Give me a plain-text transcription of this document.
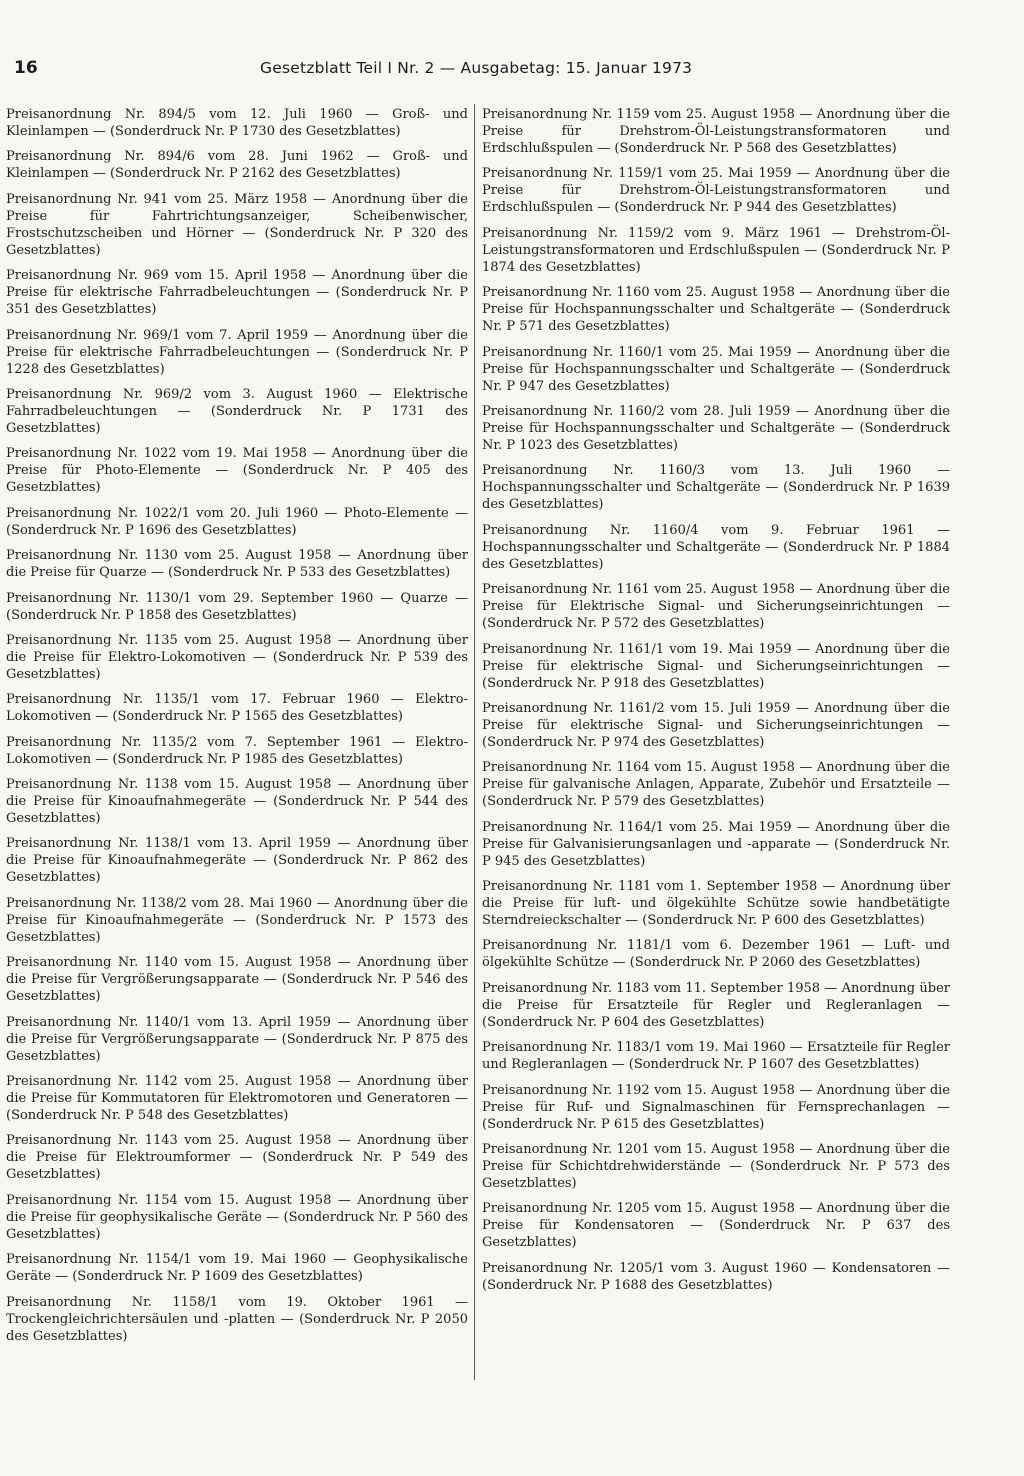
16	Gesetzblatt Teil I Nr. 2 — Ausgabetag: 15. Januar 1973

Preisanordnung Nr. 894/5 vom 12. Juli 1960 — Groß- und Kleinlampen — (Sonderdruck Nr. P 1730 des Gesetzblattes)

Preisanordnung Nr. 894/6 vom 28. Juni 1962 — Groß- und Kleinlampen — (Sonderdruck Nr. P 2162 des Gesetzblattes)

Preisanordnung Nr. 941 vom 25. März 1958 — Anordnung über die Preise für Fahrtrichtungsanzeiger, Scheibenwischer, Frostschutzscheiben und Hörner — (Sonderdruck Nr. P 320 des Gesetzblattes)

Preisanordnung Nr. 969 vom 15. April 1958 — Anordnung über die Preise für elektrische Fahrradbeleuchtungen — (Sonderdruck Nr. P 351 des Gesetzblattes)

Preisanordnung Nr. 969/1 vom 7. April 1959 — Anordnung über die Preise für elektrische Fahrradbeleuchtungen — (Sonderdruck Nr. P 1228 des Gesetzblattes)

Preisanordnung Nr. 969/2 vom 3. August 1960 — Elektrische Fahrradbeleuchtungen — (Sonderdruck Nr. P 1731 des Gesetzblattes)

Preisanordnung Nr. 1022 vom 19. Mai 1958 — Anordnung über die Preise für Photo-Elemente — (Sonderdruck Nr. P 405 des Gesetzblattes)

Preisanordnung Nr. 1022/1 vom 20. Juli 1960 — Photo-Elemente — (Sonderdruck Nr. P 1696 des Gesetzblattes)

Preisanordnung Nr. 1130 vom 25. August 1958 — Anordnung über die Preise für Quarze — (Sonderdruck Nr. P 533 des Gesetzblattes)

Preisanordnung Nr. 1130/1 vom 29. September 1960 — Quarze — (Sonderdruck Nr. P 1858 des Gesetzblattes)

Preisanordnung Nr. 1135 vom 25. August 1958 — Anordnung über die Preise für Elektro-Lokomotiven — (Sonderdruck Nr. P 539 des Gesetzblattes)

Preisanordnung Nr. 1135/1 vom 17. Februar 1960 — Elektro-Lokomotiven — (Sonderdruck Nr. P 1565 des Gesetzblattes)

Preisanordnung Nr. 1135/2 vom 7. September 1961 — Elektro-Lokomotiven — (Sonderdruck Nr. P 1985 des Gesetzblattes)

Preisanordnung Nr. 1138 vom 15. August 1958 — Anordnung über die Preise für Kinoaufnahmegeräte — (Sonderdruck Nr. P 544 des Gesetzblattes)

Preisanordnung Nr. 1138/1 vom 13. April 1959 — Anordnung über die Preise für Kinoaufnahmegeräte — (Sonderdruck Nr. P 862 des Gesetzblattes)

Preisanordnung Nr. 1138/2 vom 28. Mai 1960 — Anordnung über die Preise für Kinoaufnahmegeräte — (Sonderdruck Nr. P 1573 des Gesetzblattes)

Preisanordnung Nr. 1140 vom 15. August 1958 — Anordnung über die Preise für Vergrößerungsapparate — (Sonderdruck Nr. P 546 des Gesetzblattes)

Preisanordnung Nr. 1140/1 vom 13. April 1959 — Anordnung über die Preise für Vergrößerungsapparate — (Sonderdruck Nr. P 875 des Gesetzblattes)

Preisanordnung Nr. 1142 vom 25. August 1958 — Anordnung über die Preise für Kommutatoren für Elektromotoren und Generatoren — (Sonderdruck Nr. P 548 des Gesetzblattes)

Preisanordnung Nr. 1143 vom 25. August 1958 — Anordnung über die Preise für Elektroumformer — (Sonderdruck Nr. P 549 des Gesetzblattes)

Preisanordnung Nr. 1154 vom 15. August 1958 — Anordnung über die Preise für geophysikalische Geräte — (Sonderdruck Nr. P 560 des Gesetzblattes)

Preisanordnung Nr. 1154/1 vom 19. Mai 1960 — Geophysikalische Geräte — (Sonderdruck Nr. P 1609 des Gesetzblattes)

Preisanordnung Nr. 1158/1 vom 19. Oktober 1961 — Trockengleichrichtersäulen und -platten — (Sonderdruck Nr. P 2050 des Gesetzblattes)

Preisanordnung Nr. 1159 vom 25. August 1958 — Anordnung über die Preise für Drehstrom-Öl-Leistungstransformatoren und Erdschlußspulen — (Sonderdruck Nr. P 568 des Gesetzblattes)

Preisanordnung Nr. 1159/1 vom 25. Mai 1959 — Anordnung über die Preise für Drehstrom-Öl-Leistungstransformatoren und Erdschlußspulen — (Sonderdruck Nr. P 944 des Gesetzblattes)

Preisanordnung Nr. 1159/2 vom 9. März 1961 — Drehstrom-Öl-Leistungstransformatoren und Erdschlußspulen — (Sonderdruck Nr. P 1874 des Gesetzblattes)

Preisanordnung Nr. 1160 vom 25. August 1958 — Anordnung über die Preise für Hochspannungsschalter und Schaltgeräte — (Sonderdruck Nr. P 571 des Gesetzblattes)

Preisanordnung Nr. 1160/1 vom 25. Mai 1959 — Anordnung über die Preise für Hochspannungsschalter und Schaltgeräte — (Sonderdruck Nr. P 947 des Gesetzblattes)

Preisanordnung Nr. 1160/2 vom 28. Juli 1959 — Anordnung über die Preise für Hochspannungsschalter und Schaltgeräte — (Sonderdruck Nr. P 1023 des Gesetzblattes)

Preisanordnung Nr. 1160/3 vom 13. Juli 1960 — Hochspannungsschalter und Schaltgeräte — (Sonderdruck Nr. P 1639 des Gesetzblattes)

Preisanordnung Nr. 1160/4 vom 9. Februar 1961 — Hochspannungsschalter und Schaltgeräte — (Sonderdruck Nr. P 1884 des Gesetzblattes)

Preisanordnung Nr. 1161 vom 25. August 1958 — Anordnung über die Preise für Elektrische Signal- und Sicherungseinrichtungen — (Sonderdruck Nr. P 572 des Gesetzblattes)

Preisanordnung Nr. 1161/1 vom 19. Mai 1959 — Anordnung über die Preise für elektrische Signal- und Sicherungseinrichtungen — (Sonderdruck Nr. P 918 des Gesetzblattes)

Preisanordnung Nr. 1161/2 vom 15. Juli 1959 — Anordnung über die Preise für elektrische Signal- und Sicherungseinrichtungen — (Sonderdruck Nr. P 974 des Gesetzblattes)

Preisanordnung Nr. 1164 vom 15. August 1958 — Anordnung über die Preise für galvanische Anlagen, Apparate, Zubehör und Ersatzteile — (Sonderdruck Nr. P 579 des Gesetzblattes)

Preisanordnung Nr. 1164/1 vom 25. Mai 1959 — Anordnung über die Preise für Galvanisierungsanlagen und -apparate — (Sonderdruck Nr. P 945 des Gesetzblattes)

Preisanordnung Nr. 1181 vom 1. September 1958 — Anordnung über die Preise für luft- und ölgekühlte Schütze sowie handbetätigte Sterndreieckschalter — (Sonderdruck Nr. P 600 des Gesetzblattes)

Preisanordnung Nr. 1181/1 vom 6. Dezember 1961 — Luft- und ölgekühlte Schütze — (Sonderdruck Nr. P 2060 des Gesetzblattes)

Preisanordnung Nr. 1183 vom 11. September 1958 — Anordnung über die Preise für Ersatzteile für Regler und Regleranlagen — (Sonderdruck Nr. P 604 des Gesetzblattes)

Preisanordnung Nr. 1183/1 vom 19. Mai 1960 — Ersatzteile für Regler und Regleranlagen — (Sonderdruck Nr. P 1607 des Gesetzblattes)

Preisanordnung Nr. 1192 vom 15. August 1958 — Anordnung über die Preise für Ruf- und Signalmaschinen für Fernsprechanlagen — (Sonderdruck Nr. P 615 des Gesetzblattes)

Preisanordnung Nr. 1201 vom 15. August 1958 — Anordnung über die Preise für Schichtdrehwiderstände — (Sonderdruck Nr. P 573 des Gesetzblattes)

Preisanordnung Nr. 1205 vom 15. August 1958 — Anordnung über die Preise für Kondensatoren — (Sonderdruck Nr. P 637 des Gesetzblattes)

Preisanordnung Nr. 1205/1 vom 3. August 1960 — Kondensatoren — (Sonderdruck Nr. P 1688 des Gesetzblattes)
